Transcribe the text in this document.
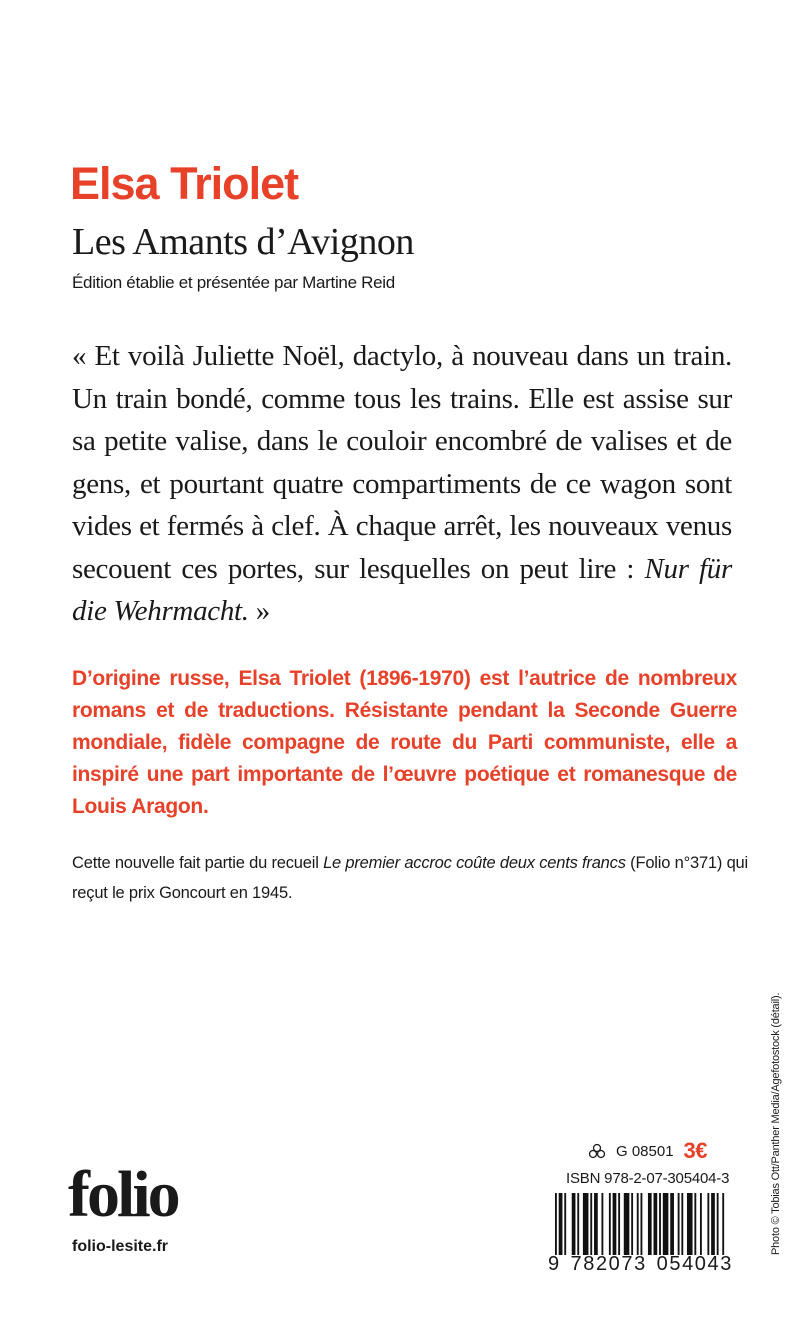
Elsa Triolet
Les Amants d’Avignon
Édition établie et présentée par Martine Reid
« Et voilà Juliette Noël, dactylo, à nouveau dans un train. Un train bondé, comme tous les trains. Elle est assise sur sa petite valise, dans le couloir encombré de valises et de gens, et pourtant quatre compartiments de ce wagon sont vides et fermés à clef. À chaque arrêt, les nouveaux venus secouent ces portes, sur lesquelles on peut lire : Nur für die Wehrmacht. »
D’origine russe, Elsa Triolet (1896-1970) est l’autrice de nombreux romans et de traductions. Résistante pendant la Seconde Guerre mondiale, fidèle compagne de route du Parti communiste, elle a inspiré une part importante de l’œuvre poétique et romanesque de Louis Aragon.
Cette nouvelle fait partie du recueil Le premier accroc coûte deux cents francs (Folio n°371) qui reçut le prix Goncourt en 1945.
Photo © Tobias Ott/Panther Media/Agefotostock (détail).
folio
folio-lesite.fr
G 08501 3€
ISBN 978-2-07-305404-3
9 782073 054043
